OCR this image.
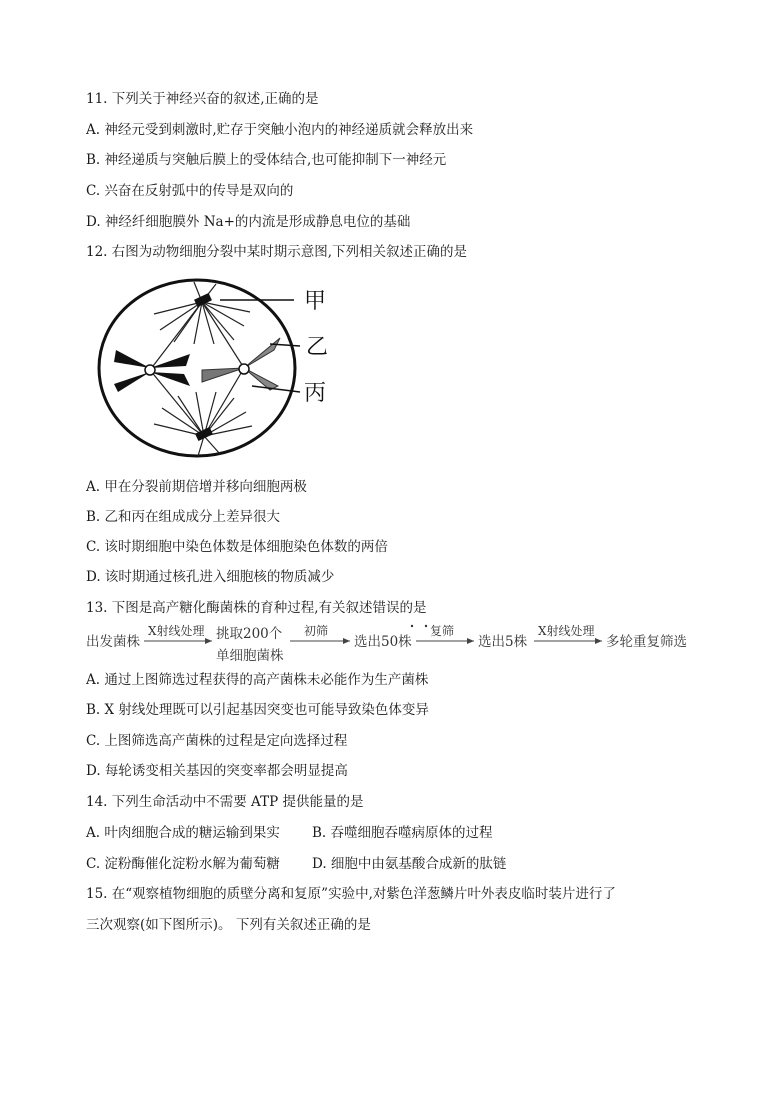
11. 下列关于神经兴奋的叙述,正确的是
A. 神经元受到刺激时,贮存于突触小泡内的神经递质就会释放出来
B. 神经递质与突触后膜上的受体结合,也可能抑制下一神经元
C. 兴奋在反射弧中的传导是双向的
D. 神经纤细胞膜外 Na+的内流是形成静息电位的基础
12. 右图为动物细胞分裂中某时期示意图,下列相关叙述正确的是
甲
乙
丙
A. 甲在分裂前期倍增并移向细胞两极
B. 乙和丙在组成成分上差异很大
C. 该时期细胞中染色体数是体细胞染色体数的两倍
D. 该时期通过核孔进入细胞核的物质减少
13. 下图是高产糖化酶菌株的育种过程,有关叙述错误的是
出发菌株
X射线处理 挑取200个
单细胞菌株
初筛
选出50株
复筛
选出5株
X射线处理
多轮重复筛选
A. 通过上图筛选过程获得的高产菌株未必能作为生产菌株
B. X 射线处理既可以引起基因突变也可能导致染色体变异
C. 上图筛选高产菌株的过程是定向选择过程
D. 每轮诱变相关基因的突变率都会明显提高
14. 下列生命活动中不需要 ATP 提供能量的是
A. 叶肉细胞合成的糖运输到果实 B. 吞噬细胞吞噬病原体的过程
C. 淀粉酶催化淀粉水解为葡萄糖 D. 细胞中由氨基酸合成新的肽链
15. 在“观察植物细胞的质壁分离和复原”实验中,对紫色洋葱鳞片叶外表皮临时装片进行了
三次观察(如下图所示)。 下列有关叙述正确的是
